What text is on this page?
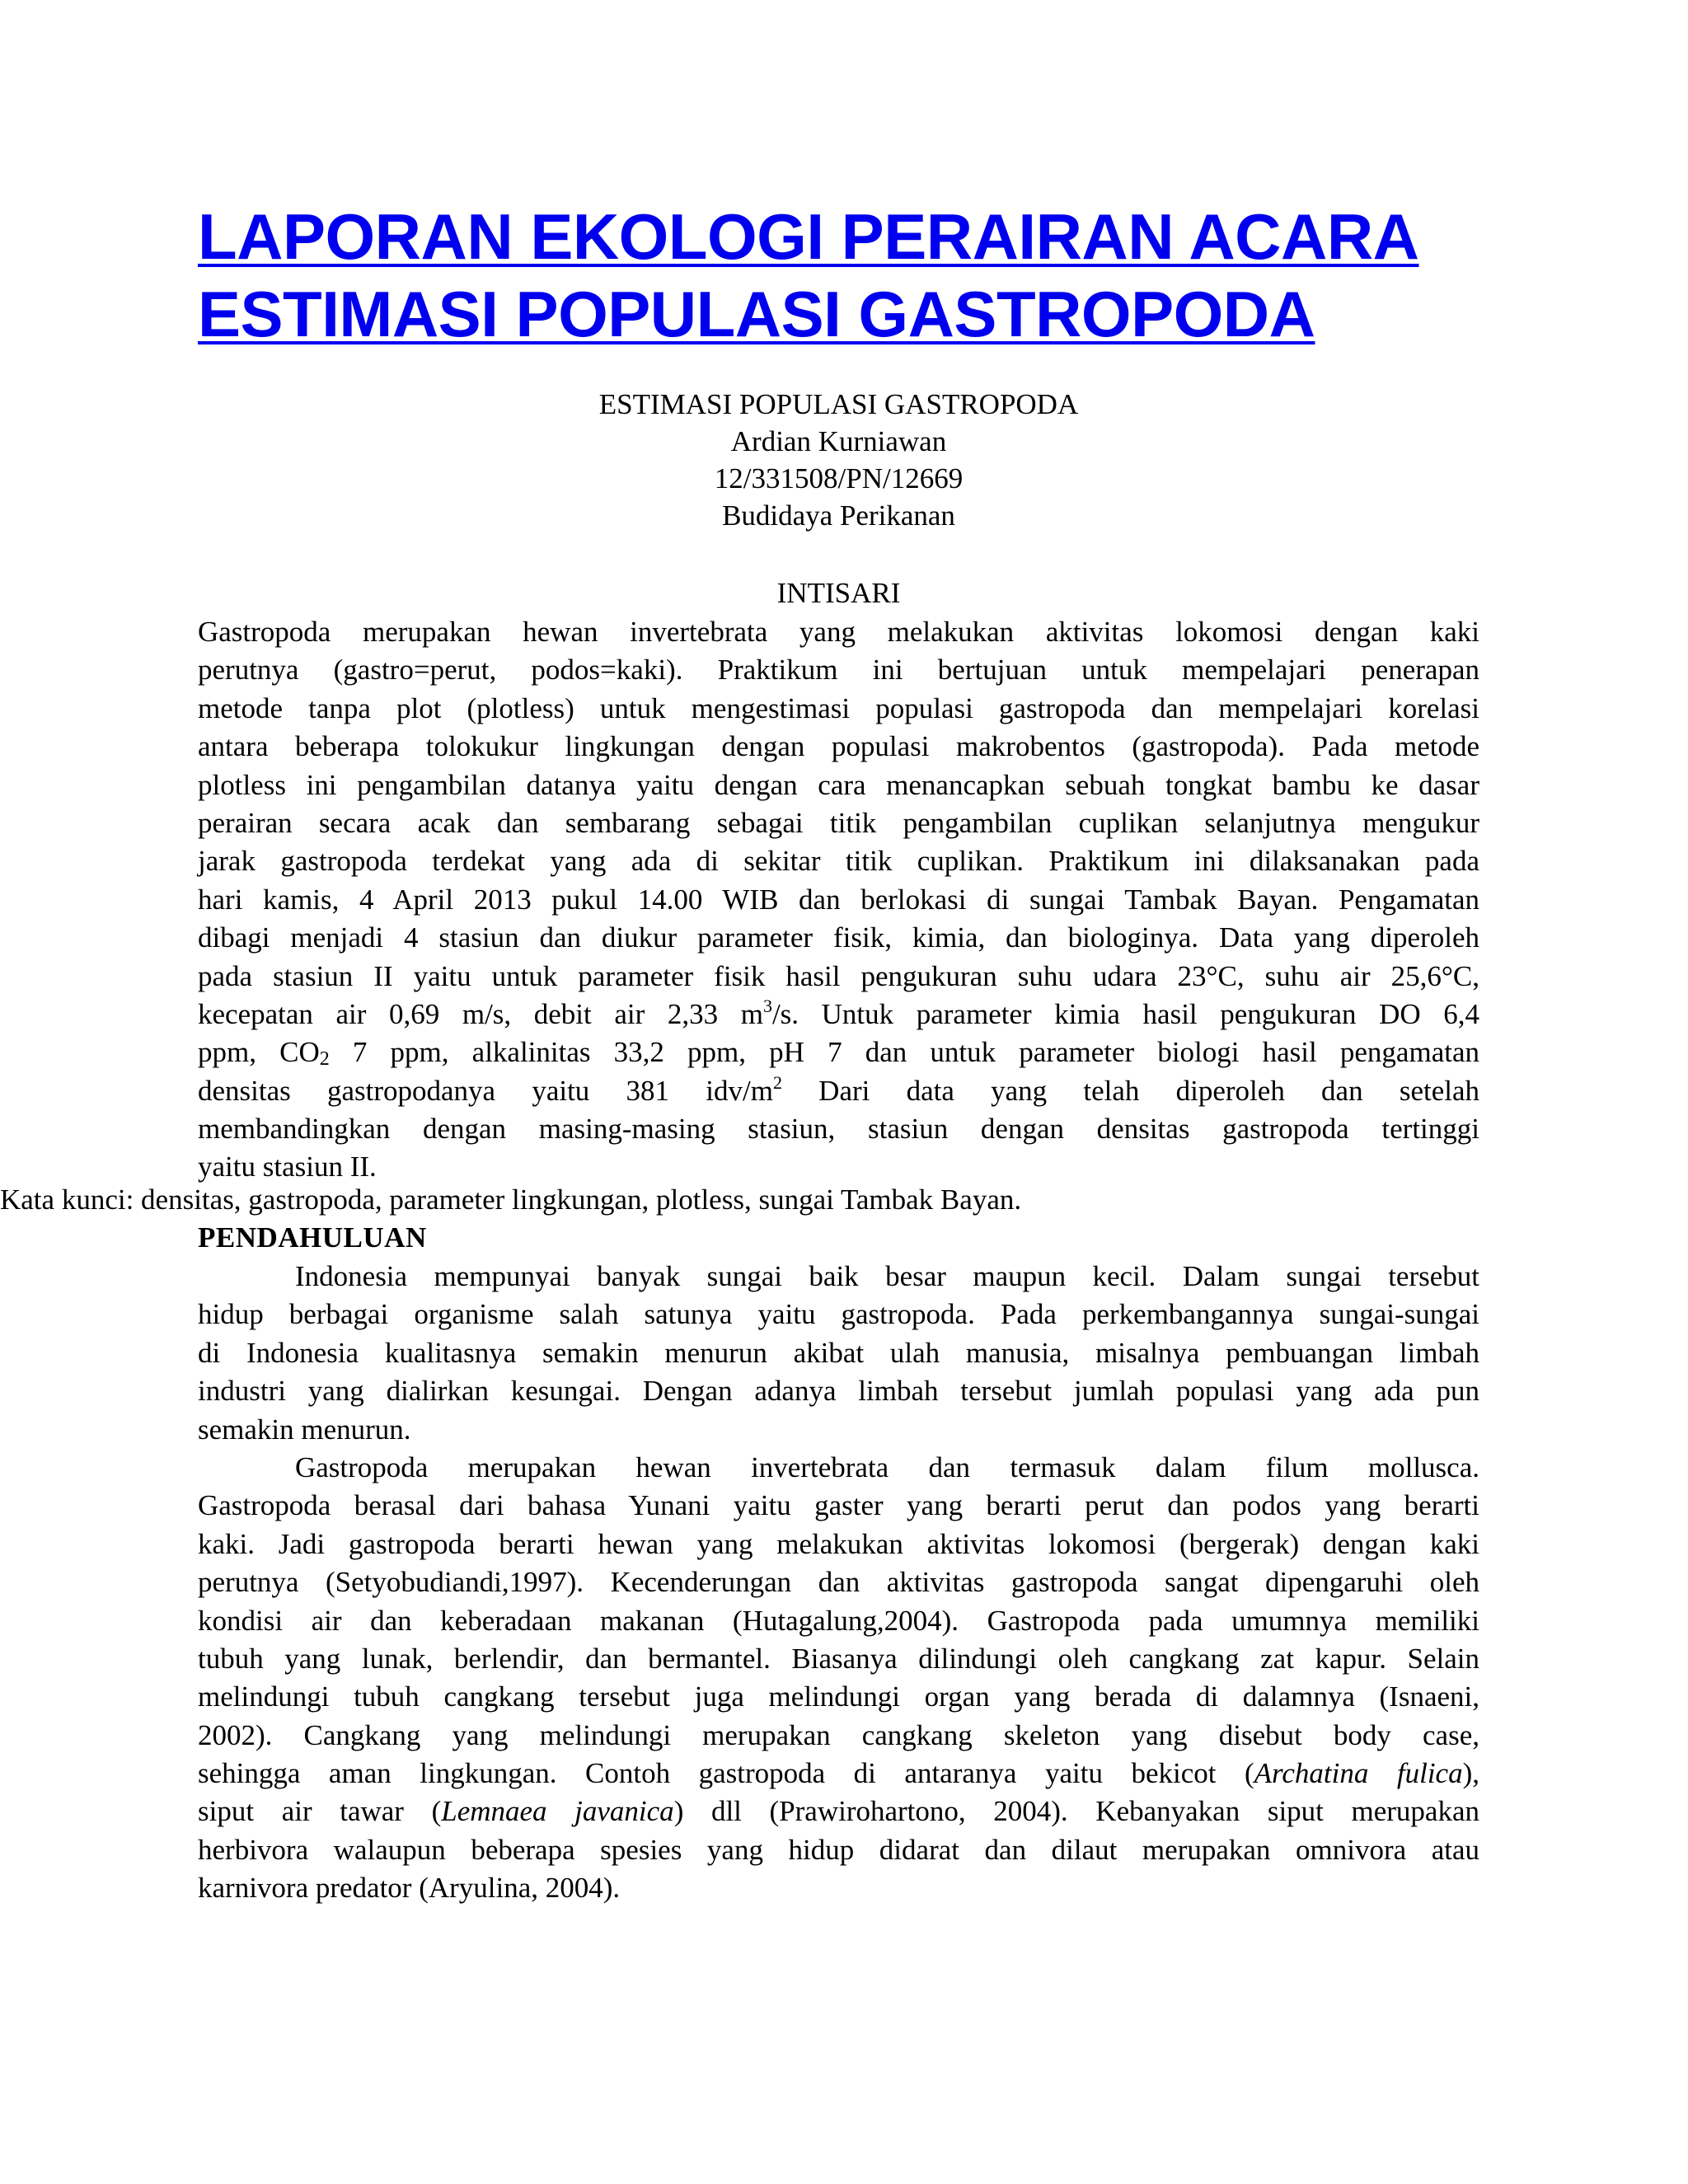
LAPORAN EKOLOGI PERAIRAN ACARA
ESTIMASI POPULASI GASTROPODA
ESTIMASI POPULASI GASTROPODA
Ardian Kurniawan
12/331508/PN/12669
Budidaya Perikanan
INTISARI
Gastropoda merupakan hewan invertebrata yang melakukan aktivitas lokomosi dengan kaki
perutnya (gastro=perut, podos=kaki). Praktikum ini bertujuan untuk mempelajari penerapan
metode tanpa plot (plotless) untuk mengestimasi populasi gastropoda dan mempelajari korelasi
antara beberapa tolokukur lingkungan dengan populasi makrobentos (gastropoda). Pada metode
plotless ini pengambilan datanya yaitu dengan cara menancapkan sebuah tongkat bambu ke dasar
perairan secara acak dan sembarang sebagai titik pengambilan cuplikan selanjutnya mengukur
jarak gastropoda terdekat yang ada di sekitar titik cuplikan. Praktikum ini dilaksanakan pada
hari kamis, 4 April 2013 pukul 14.00 WIB dan berlokasi di sungai Tambak Bayan. Pengamatan
dibagi menjadi 4 stasiun dan diukur parameter fisik, kimia, dan biologinya. Data yang diperoleh
pada stasiun II yaitu untuk parameter fisik hasil pengukuran suhu udara 23°C, suhu air 25,6°C,
kecepatan air 0,69 m/s, debit air 2,33 $m^3/s$. Untuk parameter kimia hasil pengukuran DO 6,4
ppm, $CO_2$ 7 ppm, alkalinitas 33,2 ppm, pH 7 dan untuk parameter biologi hasil pengamatan
densitas gastropodanya yaitu 381 idv/$m^2$ Dari data yang telah diperoleh dan setelah
membandingkan dengan masing-masing stasiun, stasiun dengan densitas gastropoda tertinggi
yaitu stasiun II.
Kata kunci: densitas, gastropoda, parameter lingkungan, plotless, sungai Tambak Bayan.
PENDAHULUAN
Indonesia mempunyai banyak sungai baik besar maupun kecil. Dalam sungai tersebut
hidup berbagai organisme salah satunya yaitu gastropoda. Pada perkembangannya sungai-sungai
di Indonesia kualitasnya semakin menurun akibat ulah manusia, misalnya pembuangan limbah
industri yang dialirkan kesungai. Dengan adanya limbah tersebut jumlah populasi yang ada pun
semakin menurun.
Gastropoda merupakan hewan invertebrata dan termasuk dalam filum mollusca.
Gastropoda berasal dari bahasa Yunani yaitu gaster yang berarti perut dan podos yang berarti
kaki. Jadi gastropoda berarti hewan yang melakukan aktivitas lokomosi (bergerak) dengan kaki
perutnya (Setyobudiandi,1997). Kecenderungan dan aktivitas gastropoda sangat dipengaruhi oleh
kondisi air dan keberadaan makanan (Hutagalung,2004). Gastropoda pada umumnya memiliki
tubuh yang lunak, berlendir, dan bermantel. Biasanya dilindungi oleh cangkang zat kapur. Selain
melindungi tubuh cangkang tersebut juga melindungi organ yang berada di dalamnya (Isnaeni,
2002). Cangkang yang melindungi merupakan cangkang skeleton yang disebut body case,
sehingga aman lingkungan. Contoh gastropoda di antaranya yaitu bekicot (Archatina fulica),
siput air tawar (Lemnaea javanica) dll (Prawirohartono, 2004). Kebanyakan siput merupakan
herbivora walaupun beberapa spesies yang hidup didarat dan dilaut merupakan omnivora atau
karnivora predator (Aryulina, 2004).
